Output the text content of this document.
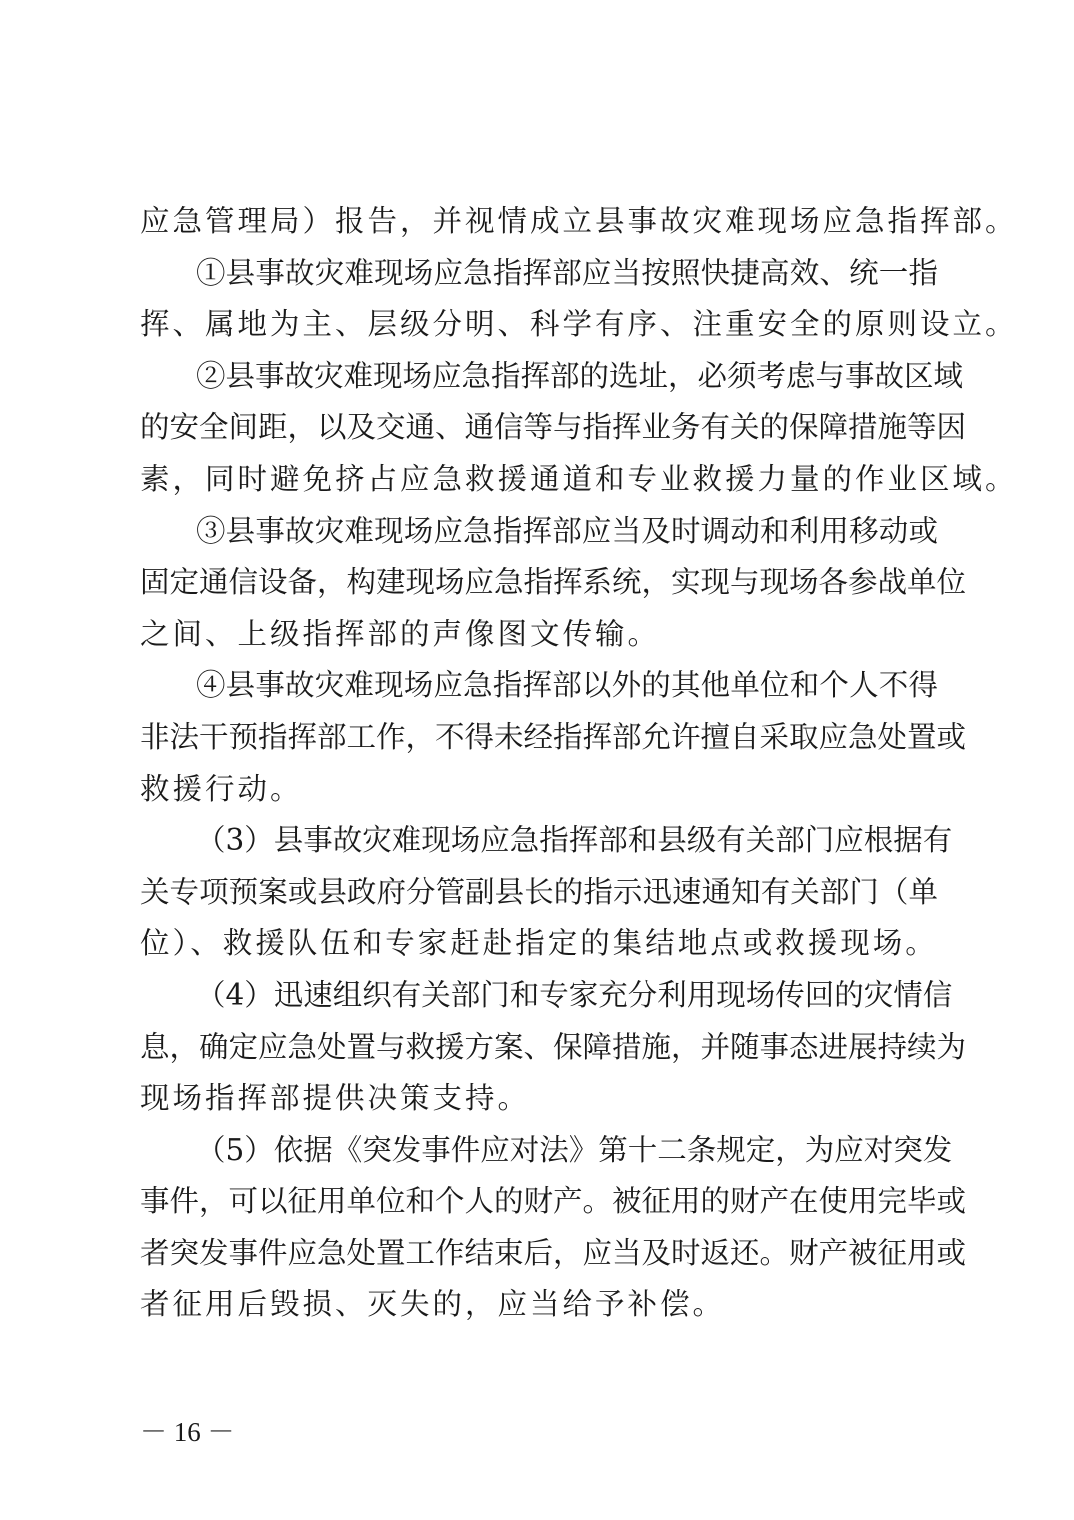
应急管理局）报告，并视情成立县事故灾难现场应急指挥部。
①县事故灾难现场应急指挥部应当按照快捷高效、统一指
挥、属地为主、层级分明、科学有序、注重安全的原则设立。
②县事故灾难现场应急指挥部的选址，必须考虑与事故区域
的安全间距，以及交通、通信等与指挥业务有关的保障措施等因
素，同时避免挤占应急救援通道和专业救援力量的作业区域。
③县事故灾难现场应急指挥部应当及时调动和利用移动或
固定通信设备，构建现场应急指挥系统，实现与现场各参战单位
之间、上级指挥部的声像图文传输。
④县事故灾难现场应急指挥部以外的其他单位和个人不得
非法干预指挥部工作，不得未经指挥部允许擅自采取应急处置或
救援行动。
（3）县事故灾难现场应急指挥部和县级有关部门应根据有
关专项预案或县政府分管副县长的指示迅速通知有关部门（单
位）、救援队伍和专家赶赴指定的集结地点或救援现场。
（4）迅速组织有关部门和专家充分利用现场传回的灾情信
息，确定应急处置与救援方案、保障措施，并随事态进展持续为
现场指挥部提供决策支持。
（5）依据《突发事件应对法》第十二条规定，为应对突发
事件，可以征用单位和个人的财产。被征用的财产在使用完毕或
者突发事件应急处置工作结束后，应当及时返还。财产被征用或
者征用后毁损、灭失的，应当给予补偿。
－ 16 －
